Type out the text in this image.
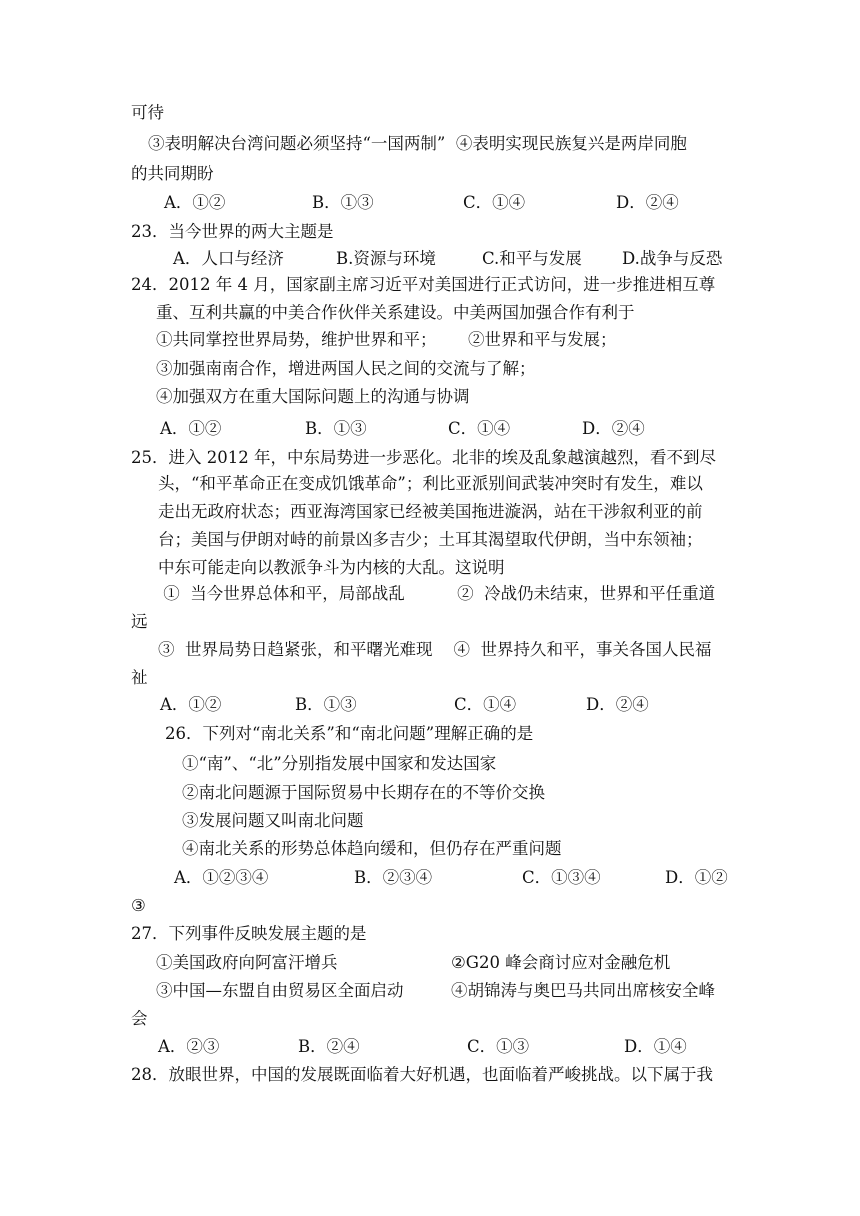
可待
③表明解决台湾问题必须坚持“一国两制”  ④表明实现民族复兴是两岸同胞
的共同期盼
A．①②	B．①③	C．①④	D．②④
23．当今世界的两大主题是
A．人口与经济	B.资源与环境	C.和平与发展 D.战争与反恐
24．2012 年 4 月，国家副主席习近平对美国进行正式访问，进一步推进相互尊
重、互利共赢的中美合作伙伴关系建设。中美两国加强合作有利于
①共同掌控世界局势，维护世界和平；      ②世界和平与发展；
③加强南南合作，增进两国人民之间的交流与了解；
④加强双方在重大国际问题上的沟通与协调
A．①②	B．①③	C．①④	D．②④
25．进入 2012 年，中东局势进一步恶化。北非的埃及乱象越演越烈，看不到尽
头，“和平革命正在变成饥饿革命”；利比亚派别间武装冲突时有发生，难以
走出无政府状态；西亚海湾国家已经被美国拖进漩涡，站在干涉叙利亚的前
台；美国与伊朗对峙的前景凶多吉少；土耳其渴望取代伊朗，当中东领袖；
中东可能走向以教派争斗为内核的大乱。这说明
①  当今世界总体和平，局部战乱          ②  冷战仍未结束，世界和平任重道
远
③  世界局势日趋紧张，和平曙光难现    ④  世界持久和平，事关各国人民福
祉
A．①②	B．①③	C．①④	D．②④
26．下列对“南北关系”和“南北问题”理解正确的是
①“南”、“北”分别指发展中国家和发达国家
②南北问题源于国际贸易中长期存在的不等价交换
③发展问题又叫南北问题
④南北关系的形势总体趋向缓和，但仍存在严重问题
A．①②③④	B．②③④	C．①③④	D．①②
③
27．下列事件反映发展主题的是
①美国政府向阿富汗增兵	②G20 峰会商讨应对金融危机
③中国—东盟自由贸易区全面启动	④胡锦涛与奥巴马共同出席核安全峰
会
A．②③	B．②④	C．①③	D．①④
28．放眼世界，中国的发展既面临着大好机遇，也面临着严峻挑战。以下属于我
